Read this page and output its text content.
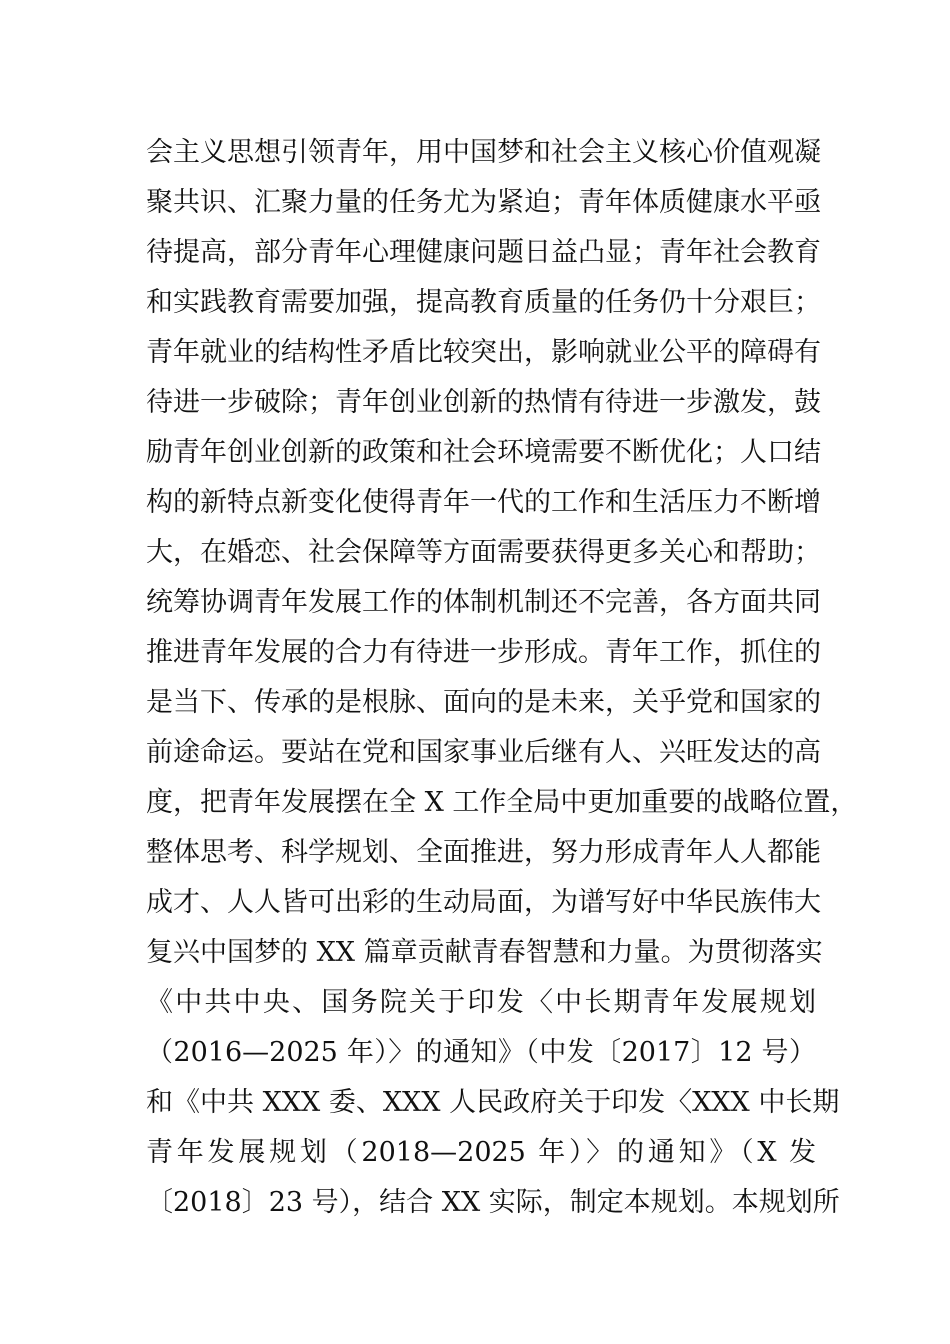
会主义思想引领青年，用中国梦和社会主义核心价值观凝
聚共识、汇聚力量的任务尤为紧迫；青年体质健康水平亟
待提高，部分青年心理健康问题日益凸显；青年社会教育
和实践教育需要加强，提高教育质量的任务仍十分艰巨；
青年就业的结构性矛盾比较突出，影响就业公平的障碍有
待进一步破除；青年创业创新的热情有待进一步激发，鼓
励青年创业创新的政策和社会环境需要不断优化；人口结
构的新特点新变化使得青年一代的工作和生活压力不断增
大，在婚恋、社会保障等方面需要获得更多关心和帮助；
统筹协调青年发展工作的体制机制还不完善，各方面共同
推进青年发展的合力有待进一步形成。青年工作，抓住的
是当下、传承的是根脉、面向的是未来，关乎党和国家的
前途命运。要站在党和国家事业后继有人、兴旺发达的高
度，把青年发展摆在全 X 工作全局中更加重要的战略位置，
整体思考、科学规划、全面推进，努力形成青年人人都能
成才、人人皆可出彩的生动局面，为谱写好中华民族伟大
复兴中国梦的 XX 篇章贡献青春智慧和力量。为贯彻落实
《中共中央、国务院关于印发〈中长期青年发展规划
（2016—2025 年）〉的通知》（中发〔2017〕12 号）
和《中共 XXX 委、XXX 人民政府关于印发〈XXX 中长期
青年发展规划（2018—2025 年）〉的通知》（X 发
〔2018〕23 号），结合 XX 实际，制定本规划。本规划所
